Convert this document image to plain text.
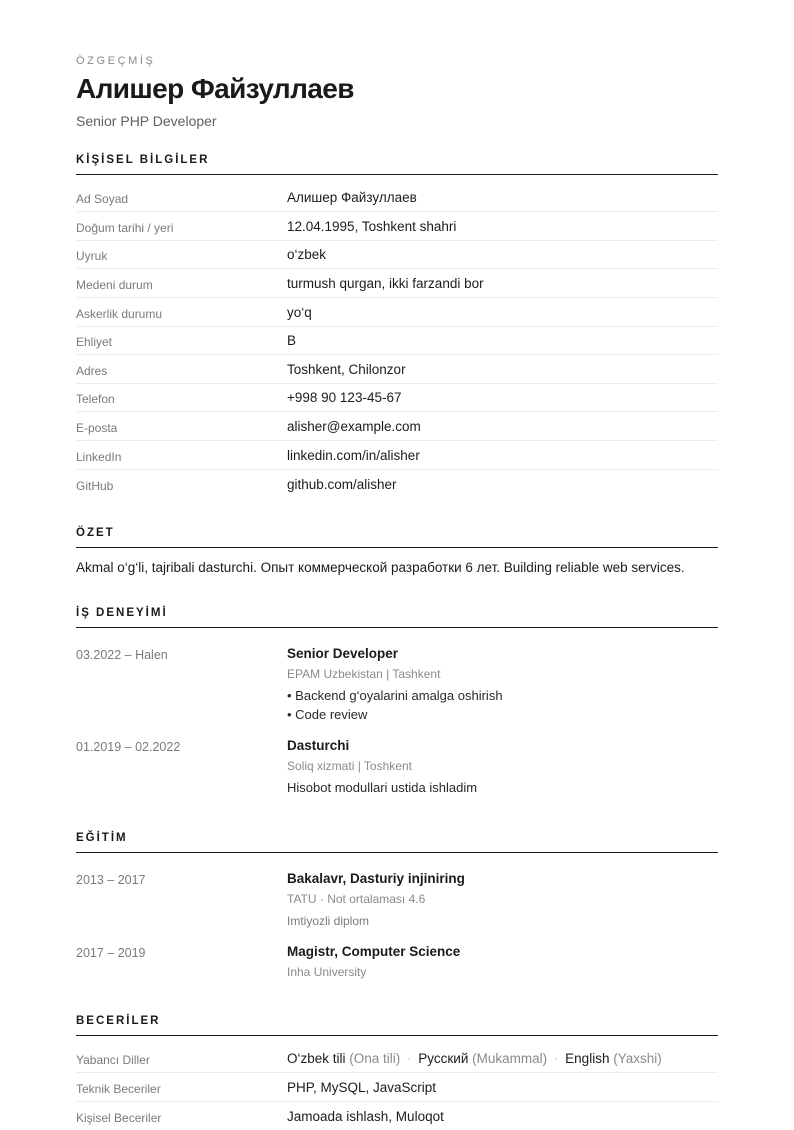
ÖZGEÇMİŞ
Алишер Файзуллаев
Senior PHP Developer
KİŞİSEL BİLGİLER
Ad Soyad	Алишер Файзуллаев
Doğum tarihi / yeri	12.04.1995, Toshkent shahri
Uyruk	o‘zbek
Medeni durum	turmush qurgan, ikki farzandi bor
Askerlik durumu	yo‘q
Ehliyet	B
Adres	Toshkent, Chilonzor
Telefon	+998 90 123-45-67
E-posta	alisher@example.com
LinkedIn	linkedin.com/in/alisher
GitHub	github.com/alisher
ÖZET
Akmal o‘g‘li, tajribali dasturchi. Опыт коммерческой разработки 6 лет. Building reliable web services.
İŞ DENEYİMİ
03.2022 – Halen	Senior Developer
EPAM Uzbekistan | Tashkent
• Backend g‘oyalarini amalga oshirish
• Code review
01.2019 – 02.2022	Dasturchi
Soliq xizmati | Toshkent
Hisobot modullari ustida ishladim
EĞİTİM
2013 – 2017	Bakalavr, Dasturiy injiniring
TATU · Not ortalaması 4.6
Imtiyozli diplom
2017 – 2019	Magistr, Computer Science
Inha University
BECERİLER
Yabancı Diller	O‘zbek tili (Ona tili) · Русский (Mukammal) · English (Yaxshi)
Teknik Beceriler	PHP, MySQL, JavaScript
Kişisel Beceriler	Jamoada ishlash, Muloqot
